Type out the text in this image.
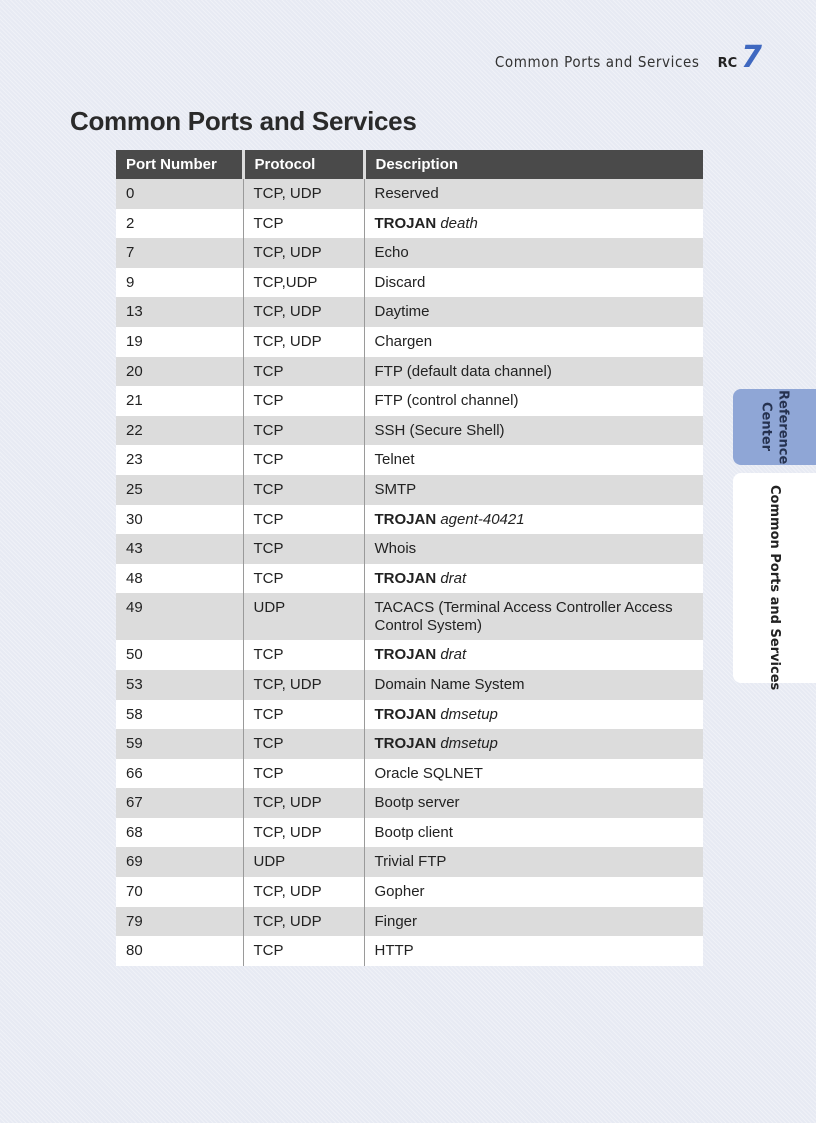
Common Ports and Services RC 7
Common Ports and Services
Port Number	Protocol	Description
0	TCP, UDP	Reserved
2	TCP	TROJAN death
7	TCP, UDP	Echo
9	TCP,UDP	Discard
13	TCP, UDP	Daytime
19	TCP, UDP	Chargen
20	TCP	FTP (default data channel)
21	TCP	FTP (control channel)
22	TCP	SSH (Secure Shell)
23	TCP	Telnet
25	TCP	SMTP
30	TCP	TROJAN agent-40421
43	TCP	Whois
48	TCP	TROJAN drat
49	UDP	TACACS (Terminal Access Controller Access Control System)
50	TCP	TROJAN drat
53	TCP, UDP	Domain Name System
58	TCP	TROJAN dmsetup
59	TCP	TROJAN dmsetup
66	TCP	Oracle SQLNET
67	TCP, UDP	Bootp server
68	TCP, UDP	Bootp client
69	UDP	Trivial FTP
70	TCP, UDP	Gopher
79	TCP, UDP	Finger
80	TCP	HTTP
Reference Center
Common Ports and Services
